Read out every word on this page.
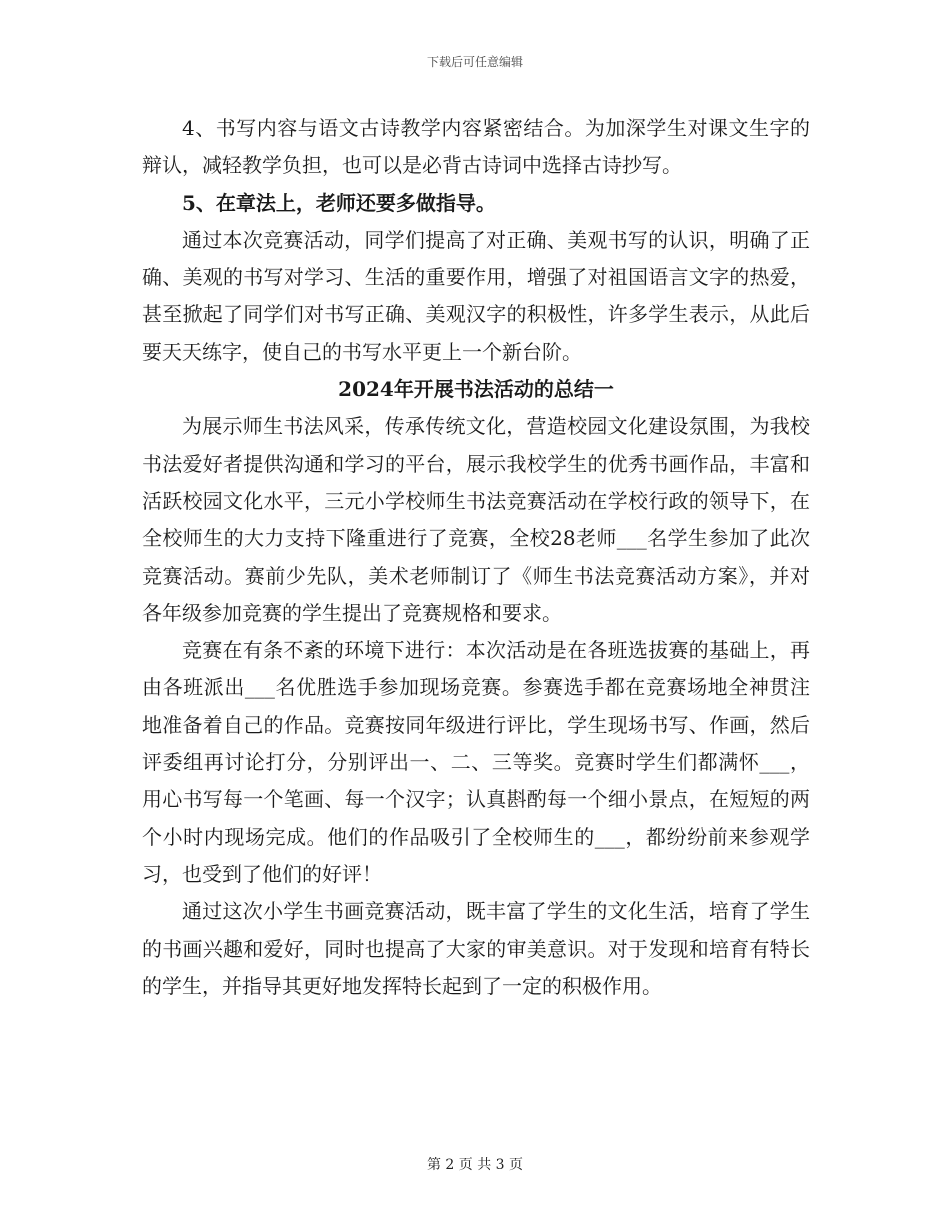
下载后可任意编辑

4、书写内容与语文古诗教学内容紧密结合。为加深学生对课文生字的辩认，减轻教学负担，也可以是必背古诗词中选择古诗抄写。

5、在章法上，老师还要多做指导。

通过本次竞赛活动，同学们提高了对正确、美观书写的认识，明确了正确、美观的书写对学习、生活的重要作用，增强了对祖国语言文字的热爱，甚至掀起了同学们对书写正确、美观汉字的积极性，许多学生表示，从此后要天天练字，使自己的书写水平更上一个新台阶。

2024年开展书法活动的总结一

为展示师生书法风采，传承传统文化，营造校园文化建设氛围，为我校书法爱好者提供沟通和学习的平台，展示我校学生的优秀书画作品，丰富和活跃校园文化水平，三元小学校师生书法竞赛活动在学校行政的领导下，在全校师生的大力支持下隆重进行了竞赛，全校28老师___名学生参加了此次竞赛活动。赛前少先队，美术老师制订了《师生书法竞赛活动方案》，并对各年级参加竞赛的学生提出了竞赛规格和要求。

竞赛在有条不紊的环境下进行：本次活动是在各班选拔赛的基础上，再由各班派出___名优胜选手参加现场竞赛。参赛选手都在竞赛场地全神贯注地准备着自己的作品。竞赛按同年级进行评比，学生现场书写、作画，然后评委组再讨论打分，分别评出一、二、三等奖。竞赛时学生们都满怀___，用心书写每一个笔画、每一个汉字；认真斟酌每一个细小景点，在短短的两个小时内现场完成。他们的作品吸引了全校师生的___，都纷纷前来参观学习，也受到了他们的好评！

通过这次小学生书画竞赛活动，既丰富了学生的文化生活，培育了学生的书画兴趣和爱好，同时也提高了大家的审美意识。对于发现和培育有特长的学生，并指导其更好地发挥特长起到了一定的积极作用。

第 2 页 共 3 页
